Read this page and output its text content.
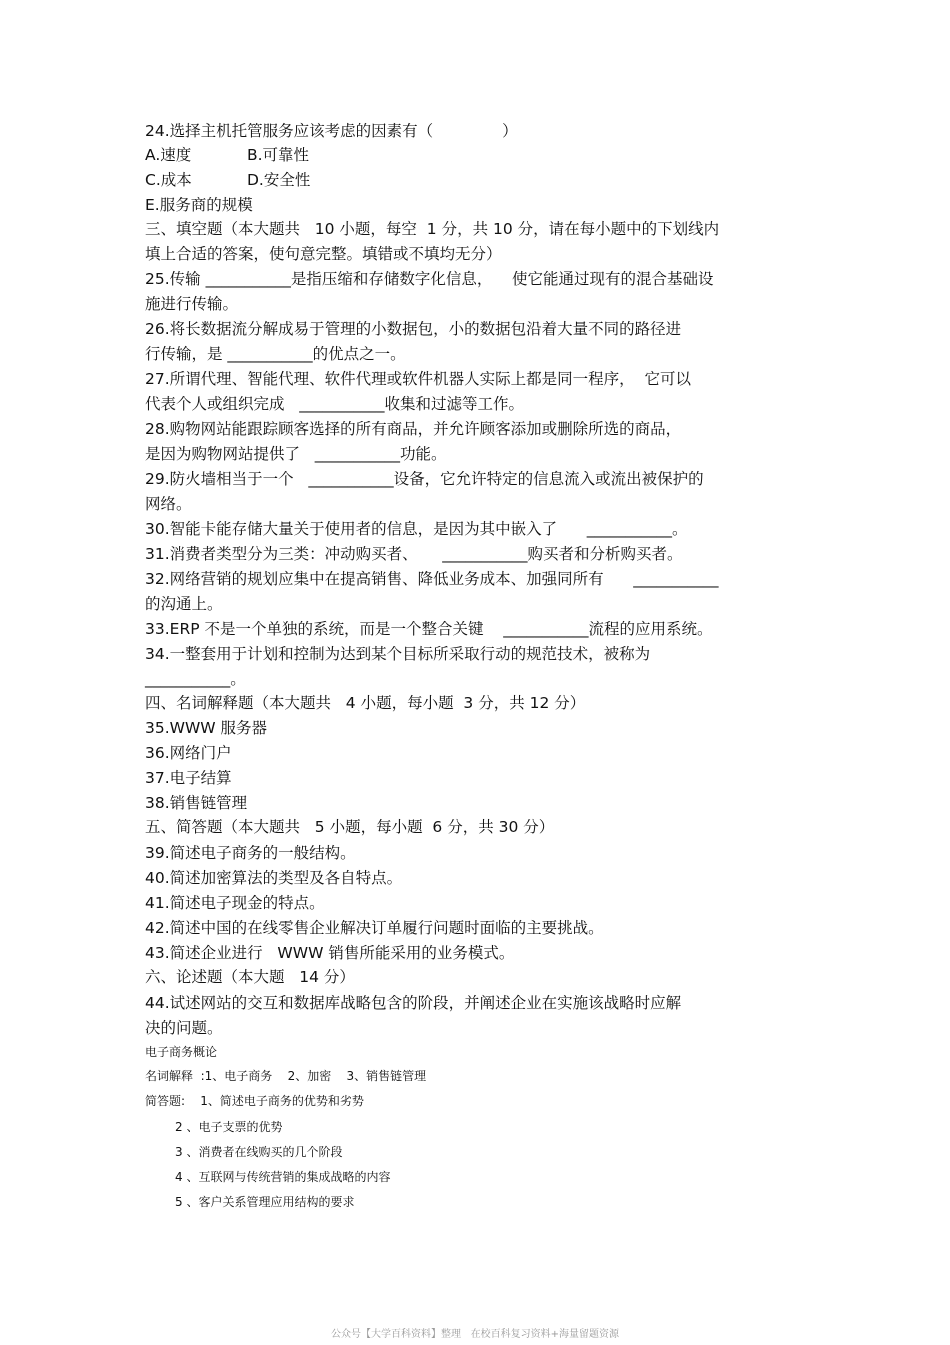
24.选择主机托管服务应该考虑的因素有（              ）
A.速度	B.可靠性
C.成本	D.安全性
E.服务商的规模
三、填空题（本大题共   10 小题，每空  1 分，共 10 分，请在每小题中的下划线内
填上合适的答案，使句意完整。填错或不填均无分）
25.传输 ___________是指压缩和存储数字化信息，    使它能通过现有的混合基础设
施进行传输。
26.将长数据流分解成易于管理的小数据包，小的数据包沿着大量不同的路径进
行传输，是 ___________的优点之一。
27.所谓代理、智能代理、软件代理或软件机器人实际上都是同一程序，  它可以
代表个人或组织完成   ___________收集和过滤等工作。
28.购物网站能跟踪顾客选择的所有商品，并允许顾客添加或删除所选的商品，
是因为购物网站提供了   ___________功能。
29.防火墙相当于一个   ___________设备，它允许特定的信息流入或流出被保护的
网络。
30.智能卡能存储大量关于使用者的信息，是因为其中嵌入了      ___________。
31.消费者类型分为三类：冲动购买者、     ___________购买者和分析购买者。
32.网络营销的规划应集中在提高销售、降低业务成本、加强同所有      ___________
的沟通上。
33.ERP 不是一个单独的系统，而是一个整合关键    ___________流程的应用系统。
34.一整套用于计划和控制为达到某个目标所采取行动的规范技术，被称为
___________。
四、名词解释题（本大题共   4 小题，每小题  3 分，共 12 分）
35.WWW 服务器
36.网络门户
37.电子结算
38.销售链管理
五、简答题（本大题共   5 小题，每小题  6 分，共 30 分）
39.简述电子商务的一般结构。
40.简述加密算法的类型及各自特点。
41.简述电子现金的特点。
42.简述中国的在线零售企业解决订单履行问题时面临的主要挑战。
43.简述企业进行   WWW 销售所能采用的业务模式。
六、论述题（本大题   14 分）
44.试述网站的交互和数据库战略包含的阶段，并阐述企业在实施该战略时应解
决的问题。
电子商务概论
名词解释  :1、电子商务    2、加密    3、销售链管理
简答题:    1、简述电子商务的优势和劣势
2 、电子支票的优势
3 、消费者在线购买的几个阶段
4 、互联网与传统营销的集成战略的内容
5 、客户关系管理应用结构的要求
公众号【大学百科资料】整理   在校百科复习资料+海量留题资源
